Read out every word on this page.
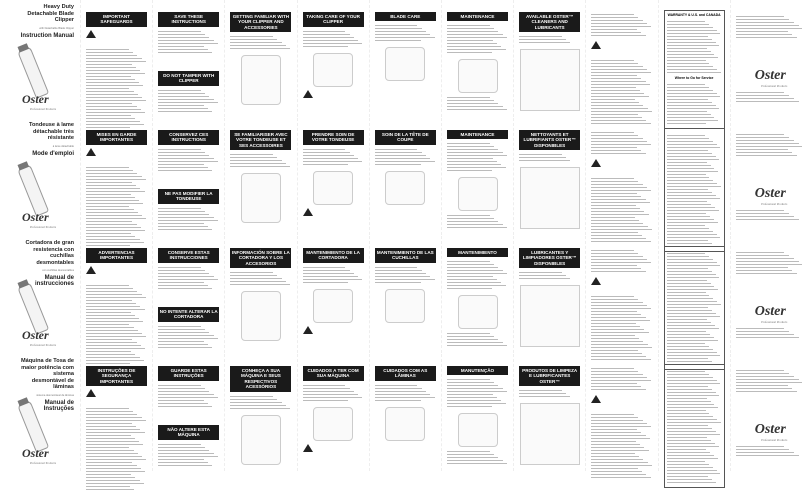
Heavy Duty Detachable Blade Clipper
with Detachable Blade Clipper
Instruction Manual
Oster
Professional Products
IMPORTANT SAFEGUARDS
SAVE THESE INSTRUCTIONS
DO NOT TAMPER WITH CLIPPER
GETTING FAMILIAR WITH YOUR CLIPPER AND ACCESSORIES
TAKING CARE OF YOUR CLIPPER
BLADE CARE	MAINTENANCE	AVAILABLE OSTER™ CLEANERS AND LUBRICANTS
WARRANTY & U.S. and CANADA
Where to Go for Service	Oster
Professional Products
Tondeuse à lame détachable très résistante
à lame détachable
Mode d'emploi
Oster
Professional Products
MISES EN GARDE IMPORTANTES
CONSERVEZ CES INSTRUCTIONS
NE PAS MODIFIER LA TONDEUSE
SE FAMILIARISER AVEC VOTRE TONDEUSE ET SES ACCESSOIRES
PRENDRE SOIN DE VOTRE TONDEUSE
SOIN DE LA TÊTE DE COUPE
MAINTENANCE	NETTOYANTS ET LUBRIFIANTS OSTER™ DISPONIBLES
Oster
Professional Products
Cortadora de gran resistencia con cuchillas desmontables
con cuchillas desmontables
Manual de instrucciones
Oster
Professional Products
ADVERTENCIAS IMPORTANTES
CONSERVE ESTAS INSTRUCCIONES
NO INTENTE ALTERAR LA CORTADORA
INFORMACIÓN SOBRE LA CORTADORA Y LOS ACCESORIOS
MANTENIMIENTO DE LA CORTADORA
MANTENIMIENTO DE LAS CUCHILLAS
MANTENIMIENTO	LUBRICANTES Y LIMPIADORES OSTER™ DISPONIBLES
Oster
Professional Products
Máquina de Tosa de maior potência com sistema desmontável de lâminas
sistema desmontável de lâminas
Manual de Instruções
Oster
Professional Products
INSTRUÇÕES DE SEGURANÇA IMPORTANTES
GUARDE ESTAS INSTRUÇÕES
NÃO ALTERE ESTA MÁQUINA
CONHEÇA A SUA MÁQUINA E SEUS RESPECTIVOS ACESSÓRIOS
CUIDADOS A TER COM SUA MÁQUINA
CUIDADOS COM AS LÂMINAS
MANUTENÇÃO	PRODUTOS DE LIMPEZA E LUBRIFICANTES OSTER™
Oster
Professional Products
